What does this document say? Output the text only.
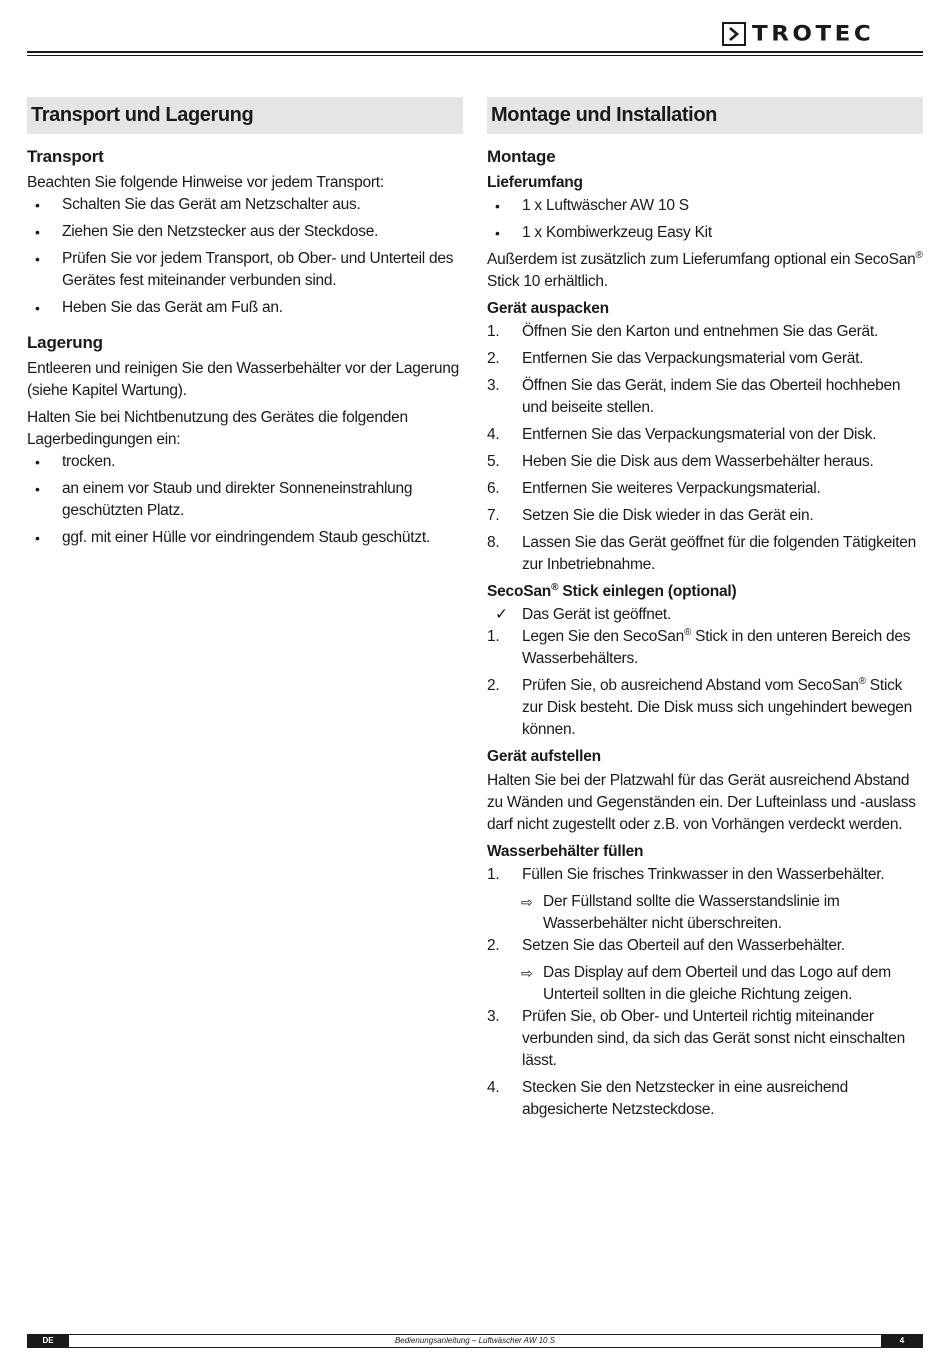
TROTEC
Transport und Lagerung
Transport

Beachten Sie folgende Hinweise vor jedem Transport:

•	Schalten Sie das Gerät am Netzschalter aus.
•	Ziehen Sie den Netzstecker aus der Steckdose.
•	Prüfen Sie vor jedem Transport, ob Ober- und Unterteil des Gerätes fest miteinander verbunden sind.
•	Heben Sie das Gerät am Fuß an.
Lagerung

Entleeren und reinigen Sie den Wasserbehälter vor der Lagerung (siehe Kapitel Wartung).

Halten Sie bei Nichtbenutzung des Gerätes die folgenden Lagerbedingungen ein:

•	trocken.
•	an einem vor Staub und direkter Sonneneinstrahlung geschützten Platz.
•	ggf. mit einer Hülle vor eindringendem Staub geschützt.
Montage und Installation
Montage
Lieferumfang
•	1 x Luftwäscher AW 10 S
•	1 x Kombiwerkzeug Easy Kit

Außerdem ist zusätzlich zum Lieferumfang optional ein SecoSan® Stick 10 erhältlich.

Gerät auspacken
1.	Öffnen Sie den Karton und entnehmen Sie das Gerät.
2.	Entfernen Sie das Verpackungsmaterial vom Gerät.
3.	Öffnen Sie das Gerät, indem Sie das Oberteil hochheben und beiseite stellen.
4.	Entfernen Sie das Verpackungsmaterial von der Disk.
5.	Heben Sie die Disk aus dem Wasserbehälter heraus.
6.	Entfernen Sie weiteres Verpackungsmaterial.
7.	Setzen Sie die Disk wieder in das Gerät ein.
8.	Lassen Sie das Gerät geöffnet für die folgenden Tätigkeiten zur Inbetriebnahme.
SecoSan® Stick einlegen (optional)
✓ Das Gerät ist geöffnet.
1.	Legen Sie den SecoSan® Stick in den unteren Bereich des Wasserbehälters.
2.	Prüfen Sie, ob ausreichend Abstand vom SecoSan® Stick zur Disk besteht. Die Disk muss sich ungehindert bewegen können.
Gerät aufstellen

Halten Sie bei der Platzwahl für das Gerät ausreichend Abstand zu Wänden und Gegenständen ein. Der Lufteinlass und -auslass darf nicht zugestellt oder z.B. von Vorhängen verdeckt werden.

Wasserbehälter füllen
1.	Füllen Sie frisches Trinkwasser in den Wasserbehälter.
⇨ Der Füllstand sollte die Wasserstandslinie im Wasserbehälter nicht überschreiten.
2.	Setzen Sie das Oberteil auf den Wasserbehälter.
⇨ Das Display auf dem Oberteil und das Logo auf dem Unterteil sollten in die gleiche Richtung zeigen.
3.	Prüfen Sie, ob Ober- und Unterteil richtig miteinander verbunden sind, da sich das Gerät sonst nicht einschalten lässt.
4.	Stecken Sie den Netzstecker in eine ausreichend abgesicherte Netzsteckdose.
Bedienungsanleitung – Luftwäscher AW 10 S
DE	4
